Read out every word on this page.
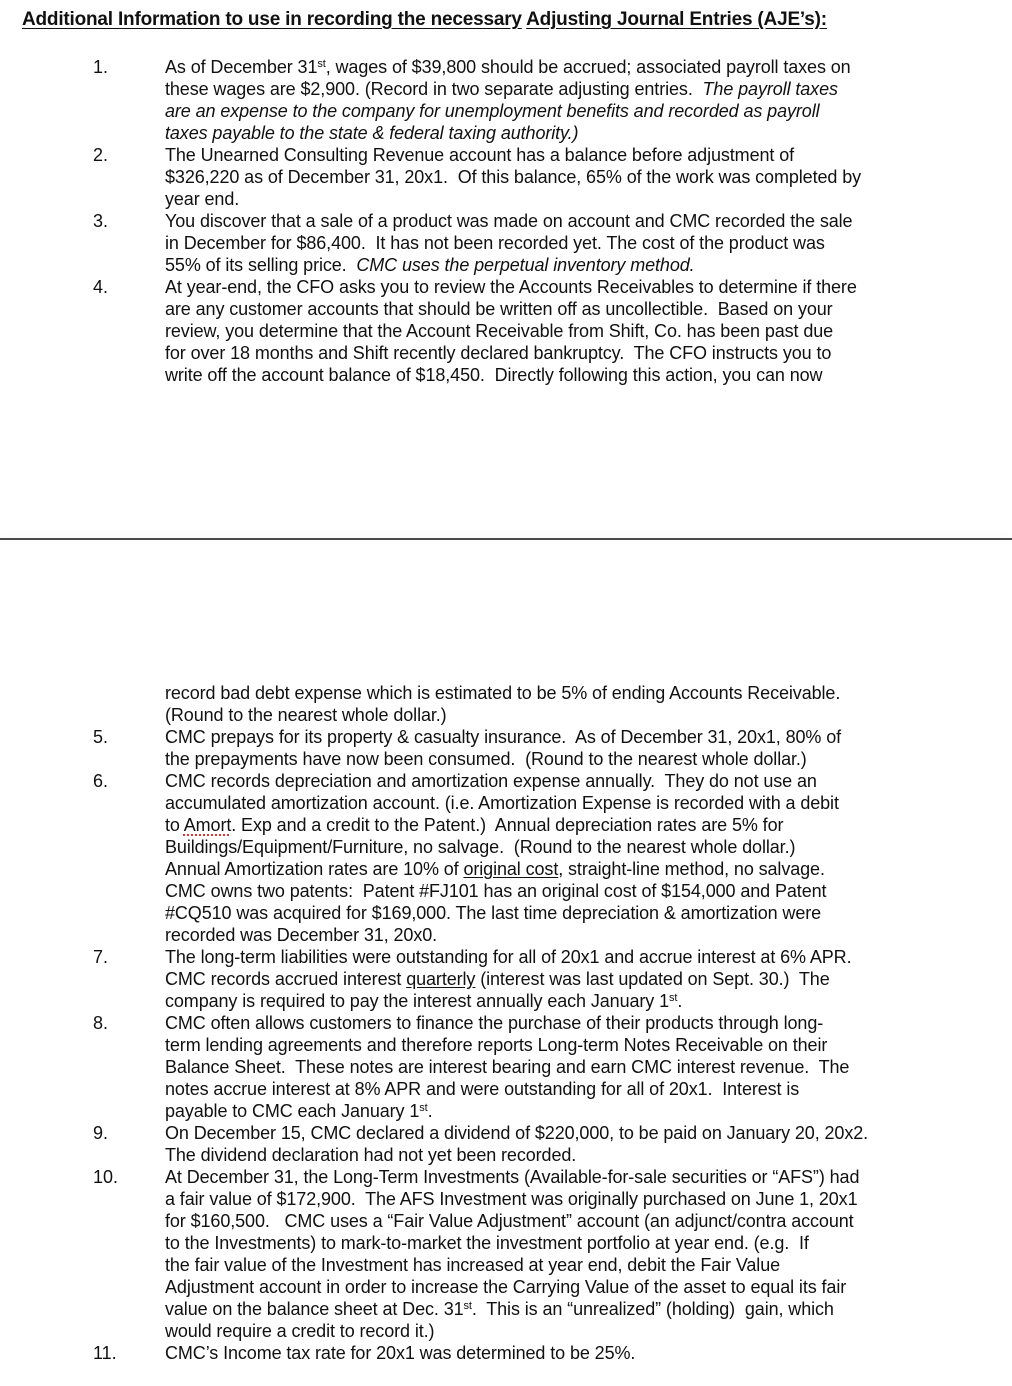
Additional Information to use in recording the necessary Adjusting Journal Entries (AJE’s):
1.	As of December 31st, wages of $39,800 should be accrued; associated payroll taxes on
these wages are $2,900. (Record in two separate adjusting entries.  The payroll taxes
are an expense to the company for unemployment benefits and recorded as payroll
taxes payable to the state & federal taxing authority.)
2.	The Unearned Consulting Revenue account has a balance before adjustment of
$326,220 as of December 31, 20x1.  Of this balance, 65% of the work was completed by
year end.
3.	You discover that a sale of a product was made on account and CMC recorded the sale
in December for $86,400.  It has not been recorded yet. The cost of the product was
55% of its selling price.  CMC uses the perpetual inventory method.
4.	At year-end, the CFO asks you to review the Accounts Receivables to determine if there
are any customer accounts that should be written off as uncollectible.  Based on your
review, you determine that the Account Receivable from Shift, Co. has been past due
for over 18 months and Shift recently declared bankruptcy.  The CFO instructs you to
write off the account balance of $18,450.  Directly following this action, you can now
record bad debt expense which is estimated to be 5% of ending Accounts Receivable.
(Round to the nearest whole dollar.)
5.	CMC prepays for its property & casualty insurance.  As of December 31, 20x1, 80% of
the prepayments have now been consumed.  (Round to the nearest whole dollar.)
6.	CMC records depreciation and amortization expense annually.  They do not use an
accumulated amortization account. (i.e. Amortization Expense is recorded with a debit
to Amort. Exp and a credit to the Patent.)  Annual depreciation rates are 5% for
Buildings/Equipment/Furniture, no salvage.  (Round to the nearest whole dollar.)
Annual Amortization rates are 10% of original cost, straight-line method, no salvage.
CMC owns two patents:  Patent #FJ101 has an original cost of $154,000 and Patent
#CQ510 was acquired for $169,000. The last time depreciation & amortization were
recorded was December 31, 20x0.
7.	The long-term liabilities were outstanding for all of 20x1 and accrue interest at 6% APR.
CMC records accrued interest quarterly (interest was last updated on Sept. 30.)  The
company is required to pay the interest annually each January 1st.
8.	CMC often allows customers to finance the purchase of their products through long-
term lending agreements and therefore reports Long-term Notes Receivable on their
Balance Sheet.  These notes are interest bearing and earn CMC interest revenue.  The
notes accrue interest at 8% APR and were outstanding for all of 20x1.  Interest is
payable to CMC each January 1st.
9.	On December 15, CMC declared a dividend of $220,000, to be paid on January 20, 20x2.
The dividend declaration had not yet been recorded.
10.	At December 31, the Long-Term Investments (Available-for-sale securities or “AFS”) had
a fair value of $172,900.  The AFS Investment was originally purchased on June 1, 20x1
for $160,500.   CMC uses a “Fair Value Adjustment” account (an adjunct/contra account
to the Investments) to mark-to-market the investment portfolio at year end. (e.g.  If
the fair value of the Investment has increased at year end, debit the Fair Value
Adjustment account in order to increase the Carrying Value of the asset to equal its fair
value on the balance sheet at Dec. 31st.  This is an “unrealized” (holding)  gain, which
would require a credit to record it.)
11.	CMC’s Income tax rate for 20x1 was determined to be 25%.
